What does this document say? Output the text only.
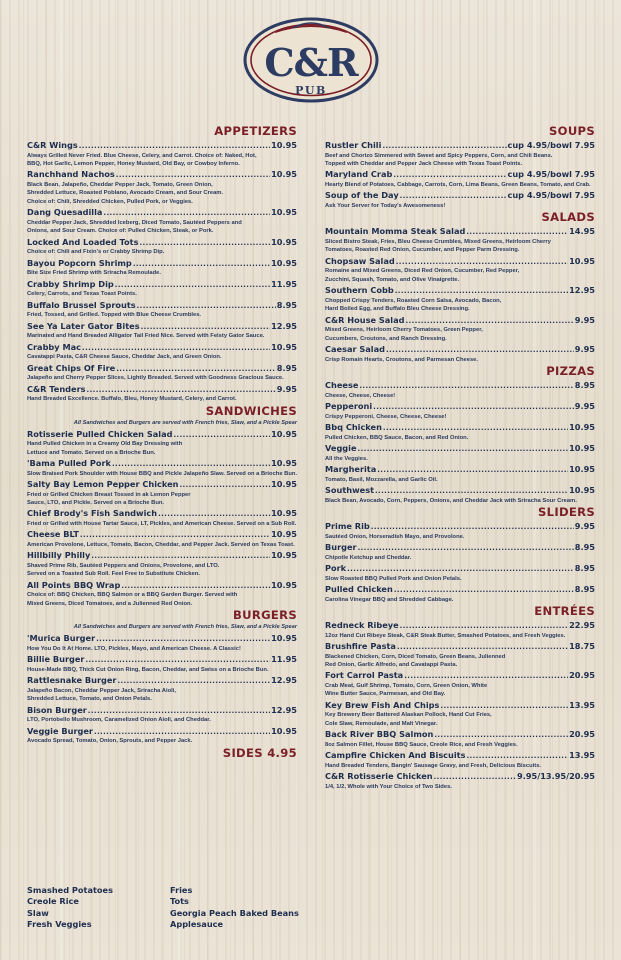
C&R
PUB
APPETIZERS
C&R Wings .....	10.95
Always Grilled Never Fried. Blue Cheese, Celery, and Carrot. Choice of: Naked, Hot,
BBQ, Hot Garlic, Lemon Pepper, Honey Mustard, Old Bay, or Cowboy Inferno.
Ranchhand Nachos .....	10.95
Black Bean, Jalapeño, Cheddar Pepper Jack, Tomato, Green Onion,
Shredded Lettuce, Roasted Poblano, Avocado Cream, and Sour Cream.
Choice of: Chili, Shredded Chicken, Pulled Pork, or Veggies.
Dang Quesadilla .....	10.95
Cheddar Pepper Jack, Shredded Iceberg, Diced Tomato, Sautéed Peppers and
Onions, and Sour Cream. Choice of: Pulled Chicken, Steak, or Pork.
Locked And Loaded Tots .....	10.95
Choice of: Chili and Fixin's or Crabby Shrimp Dip.
Bayou Popcorn Shrimp .....	10.95
Bite Size Fried Shrimp with Sriracha Remoulade.
Crabby Shrimp Dip .....	11.95
Celery, Carrots, and Texas Toast Points.
Buffalo Brussel Sprouts .....	8.95
Fried, Tossed, and Grilled. Topped with Blue Cheese Crumbles.
See Ya Later Gator Bites .....	12.95
Marinated and Hand Breaded Alligator Tail Fried Nice. Served with Feisty Gator Sauce.
Crabby Mac .....	10.95
Cavatappi Pasta, C&R Cheese Sauce, Cheddar Jack, and Green Onion.
Great Chips Of Fire .....	8.95
Jalapeño and Cherry Pepper Slices, Lightly Breaded. Served with Goodness Gracious Sauce.
C&R Tenders .....	9.95
Hand Breaded Excellence. Buffalo, Bleu, Honey Mustard, Celery, and Carrot.
SANDWICHES
All Sandwiches and Burgers are served with French fries, Slaw, and a Pickle Spear
Rotisserie Pulled Chicken Salad .....	10.95
Hand Pulled Chicken in a Creamy Old Bay Dressing with
Lettuce and Tomato. Served on a Brioche Bun.
'Bama Pulled Pork .....	10.95
Slow Braised Pork Shoulder with House BBQ and Pickle Jalapeño Slaw. Served on a Brioche Bun.
Salty Bay Lemon Pepper Chicken .....	10.95
Fried or Grilled Chicken Breast Tossed in ak Lemon Pepper
Sauce, LTO, and Pickle. Served on a Brioche Bun.
Chief Brody's Fish Sandwich .....	10.95
Fried or Grilled with House Tartar Sauce, LT, Pickles, and American Cheese. Served on a Sub Roll.
Cheese BLT .....	10.95
American Provolone, Lettuce, Tomato, Bacon, Cheddar, and Pepper Jack. Served on Texas Toast.
Hillbilly Philly .....	10.95
Shaved Prime Rib, Sautéed Peppers and Onions, Provolone, and LTO.
Served on a Toasted Sub Roll. Feel Free to Substitute Chicken.
All Points BBQ Wrap .....	10.95
Choice of: BBQ Chicken, BBQ Salmon or a BBQ Garden Burger. Served with
Mixed Greens, Diced Tomatoes, and a Julienned Red Onion.
BURGERS
All Sandwiches and Burgers are served with French fries, Slaw, and a Pickle Spear
'Murica Burger .....	10.95
How You Do It At Home. LTO, Pickles, Mayo, and American Cheese. A Classic!
Billie Burger .....	11.95
House-Made BBQ, Thick Cut Onion Ring, Bacon, Cheddar, and Swiss on a Brioche Bun.
Rattlesnake Burger .....	12.95
Jalapeño Bacon, Cheddar Pepper Jack, Sriracha Aioli,
Shredded Lettuce, Tomato, and Onion Petals.
Bison Burger .....	12.95
LTO, Portobello Mushroom, Caramelized Onion Aioli, and Cheddar.
Veggie Burger .....	10.95
Avocado Spread, Tomato, Onion, Sprouts, and Pepper Jack.
SIDES 4.95
SOUPS
Rustler Chili .....	cup 4.95/bowl 7.95
Beef and Chorizo Simmered with Sweet and Spicy Peppers, Corn, and Chili Beans.
Topped with Cheddar and Pepper Jack Cheese with Texas Toast Points.
Maryland Crab .....	cup 4.95/bowl 7.95
Hearty Blend of Potatoes, Cabbage, Carrots, Corn, Lima Beans, Green Beans, Tomato, and Crab.
Soup of the Day .....	cup 4.95/bowl 7.95
Ask Your Server for Today's Awesomeness!
SALADS
Mountain Momma Steak Salad .....	14.95
Sliced Bistro Steak, Fries, Bleu Cheese Crumbles, Mixed Greens, Heirloom Cherry
Tomatoes, Roasted Red Onion, Cucumber, and Pepper Parm Dressing.
Chopsaw Salad .....	10.95
Romaine and Mixed Greens, Diced Red Onion, Cucumber, Red Pepper,
Zucchini, Squash, Tomato, and Olive Vinaigrette.
Southern Cobb .....	12.95
Chopped Crispy Tenders, Roasted Corn Salsa, Avocado, Bacon,
Hard Boiled Egg, and Buffalo Bleu Cheese Dressing.
C&R House Salad .....	9.95
Mixed Greens, Heirloom Cherry Tomatoes, Green Pepper,
Cucumbers, Croutons, and Ranch Dressing.
Caesar Salad .....	9.95
Crisp Romain Hearts, Croutons, and Parmesan Cheese.
PIZZAS
Cheese .....	8.95
Cheese, Cheese, Cheese!
Pepperoni .....	9.95
Crispy Pepperoni, Cheese, Cheese, Cheese!
Bbq Chicken .....	10.95
Pulled Chicken, BBQ Sauce, Bacon, and Red Onion.
Veggie .....	10.95
All the Veggies.
Margherita .....	10.95
Tomato, Basil, Mozzarella, and Garlic Oil.
Southwest .....	10.95
Black Bean, Avocado, Corn, Peppers, Onions, and Cheddar Jack with Sriracha Sour Cream.
SLIDERS
Prime Rib .....	9.95
Sautéed Onion, Horseradish Mayo, and Provolone.
Burger .....	8.95
Chipotle Ketchup and Cheddar.
Pork .....	8.95
Slow Roasted BBQ Pulled Pork and Onion Petals.
Pulled Chicken .....	8.95
Carolina Vinegar BBQ and Shredded Cabbage.
ENTRÉES
Redneck Ribeye .....	22.95
12oz Hand Cut Ribeye Steak, C&R Steak Butter, Smashed Potatoes, and Fresh Veggies.
Brushfire Pasta .....	18.75
Blackened Chicken, Corn, Diced Tomato, Green Beans, Julienned
Red Onion, Garlic Alfredo, and Cavatappi Pasta.
Fort Carrol Pasta .....	20.95
Crab Meat, Gulf Shrimp, Tomato, Corn, Green Onion, White
Wine Butter Sauce, Parmesan, and Old Bay.
Key Brew Fish And Chips .....	13.95
Key Brewery Beer Battered Alaskan Pollock, Hand Cut Fries,
Cole Slaw, Remoulade, and Malt Vinegar.
Back River BBQ Salmon .....	20.95
8oz Salmon Fillet, House BBQ Sauce, Creole Rice, and Fresh Veggies.
Campfire Chicken And Biscuits .....	13.95
Hand Breaded Tenders, Bangin' Sausage Gravy, and Fresh, Delicious Biscuits.
C&R Rotisserie Chicken .....	9.95/13.95/20.95
1/4, 1/2, Whole with Your Choice of Two Sides.
Smashed Potatoes	Fries
Creole Rice	Tots
Slaw	Georgia Peach Baked Beans
Fresh Veggies	Applesauce
